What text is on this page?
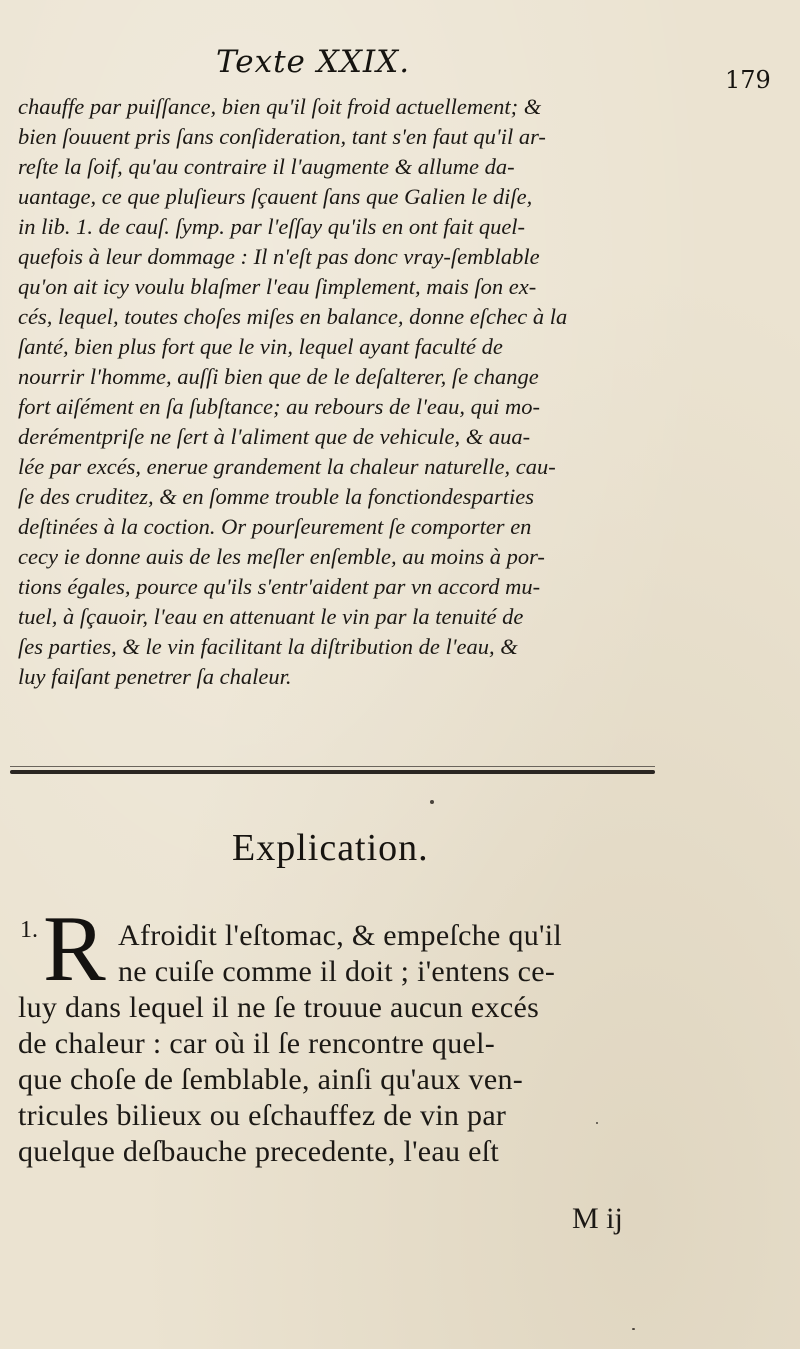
Texte XXIX.	179
chauffe par puiſſance, bien qu'il ſoit froid actuellement; &
bien ſouuent pris ſans conſideration, tant s'en faut qu'il ar-
reſte la ſoif, qu'au contraire il l'augmente & allume da-
uantage, ce que pluſieurs ſçauent ſans que Galien le diſe,
in lib. 1. de cauſ. ſymp. par l'eſſay qu'ils en ont fait quel-
quefois à leur dommage : Il n'eſt pas donc vray-ſemblable
qu'on ait icy voulu blaſmer l'eau ſimplement, mais ſon ex-
cés, lequel, toutes choſes miſes en balance, donne eſchec à la
ſanté, bien plus fort que le vin, lequel ayant faculté de
nourrir l'homme, auſſi bien que de le deſalterer, ſe change
fort aiſément en ſa ſubſtance; au rebours de l'eau, qui mo-
derémentpriſe ne ſert à l'aliment que de vehicule, & aua-
lée par excés, enerue grandement la chaleur naturelle, cau-
ſe des cruditez, & en ſomme trouble la fonctiondesparties
deſtinées à la coction. Or pourſeurement ſe comporter en
cecy ie donne auis de les meſler enſemble, au moins à por-
tions égales, pource qu'ils s'entr'aident par vn accord mu-
tuel, à ſçauoir, l'eau en attenuant le vin par la tenuité de
ſes parties, & le vin facilitant la diſtribution de l'eau, &
luy faiſant penetrer ſa chaleur.
Explication.
1. R Afroidit l'eſtomac, & empeſche qu'il
ne cuiſe comme il doit ; i'entens ce-
luy dans lequel il ne ſe trouue aucun excés
de chaleur : car où il ſe rencontre quel-
que choſe de ſemblable, ainſi qu'aux ven-
tricules bilieux ou eſchauffez de vin par
quelque deſbauche precedente, l'eau eſt
M ij
